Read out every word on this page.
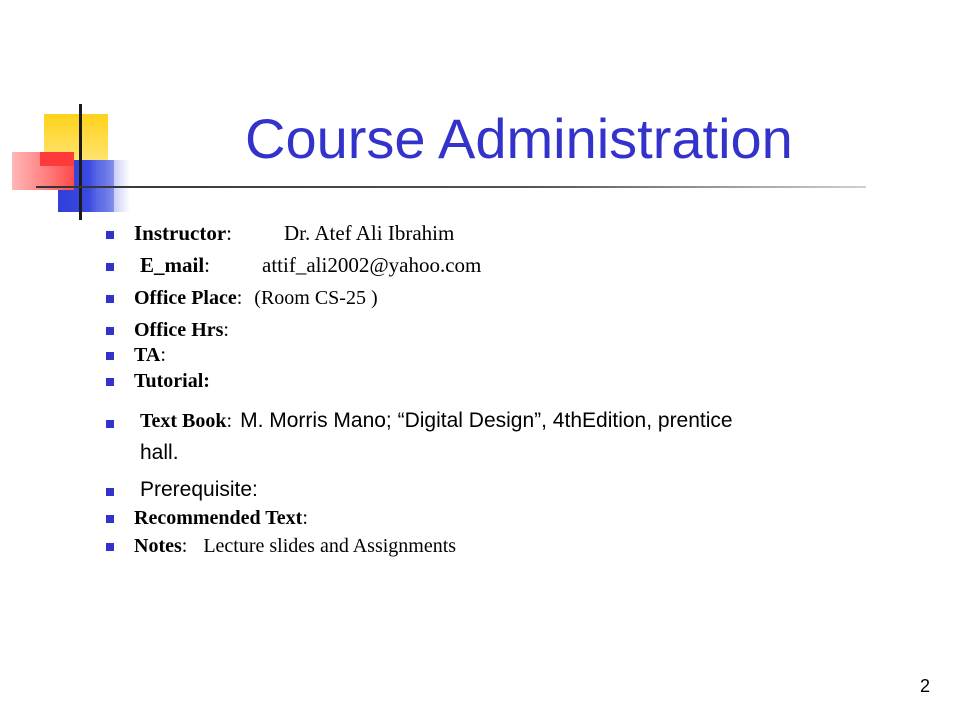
Course Administration
Instructor: Dr. Atef Ali Ibrahim
E_mail: attif_ali2002@yahoo.com
Office Place: (Room CS-25 )
Office Hrs:
TA:
Tutorial:
Text Book: M. Morris Mano; “Digital Design”, 4thEdition, prentice
hall.
Prerequisite:
Recommended Text:
Notes: Lecture slides and Assignments
2
